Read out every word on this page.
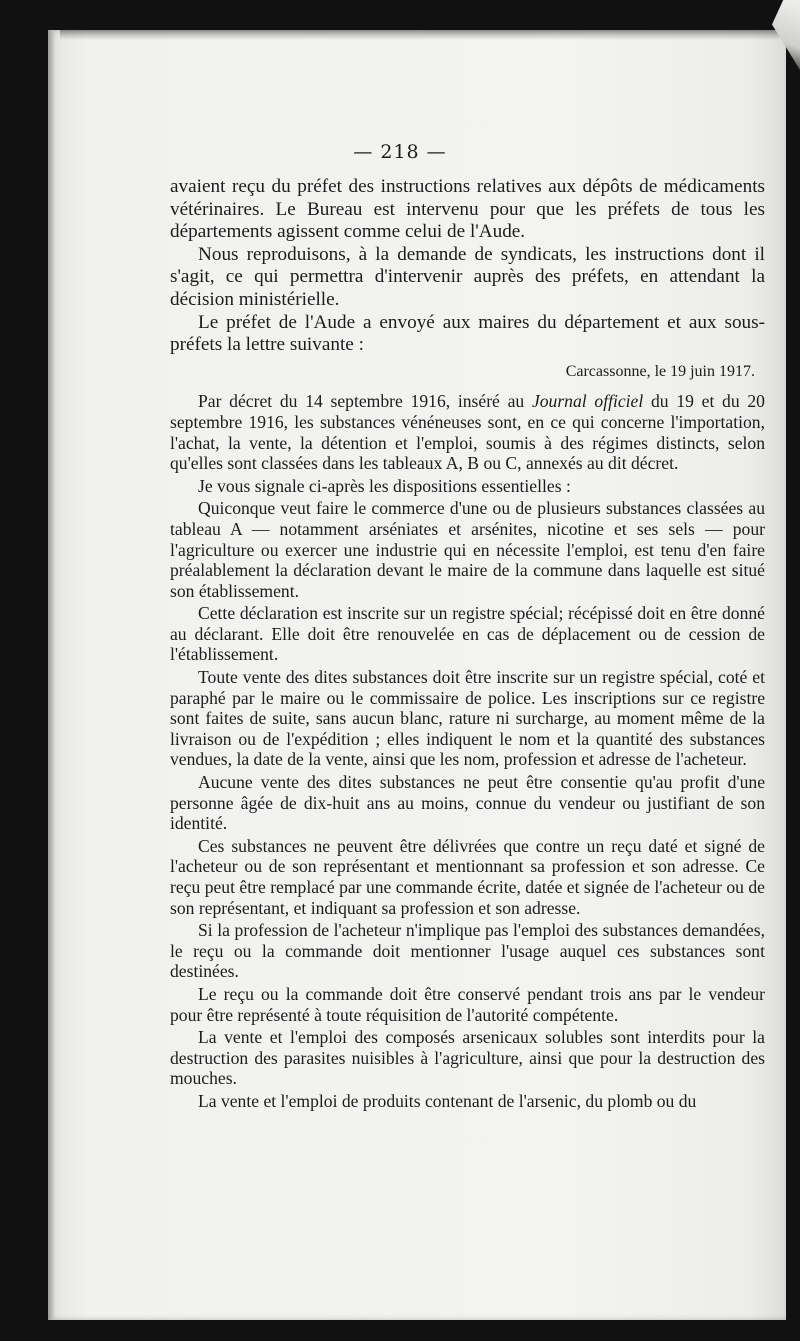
— 218 —

avaient reçu du préfet des instructions relatives aux dépôts de médicaments vétérinaires. Le Bureau est intervenu pour que les préfets de tous les départements agissent comme celui de l'Aude.

Nous reproduisons, à la demande de syndicats, les instructions dont il s'agit, ce qui permettra d'intervenir auprès des préfets, en attendant la décision ministérielle.

Le préfet de l'Aude a envoyé aux maires du département et aux sous-préfets la lettre suivante :

Carcassonne, le 19 juin 1917.

Par décret du 14 septembre 1916, inséré au Journal officiel du 19 et du 20 septembre 1916, les substances vénéneuses sont, en ce qui concerne l'importation, l'achat, la vente, la détention et l'emploi, soumis à des régimes distincts, selon qu'elles sont classées dans les tableaux A, B ou C, annexés au dit décret.

Je vous signale ci-après les dispositions essentielles :

Quiconque veut faire le commerce d'une ou de plusieurs substances classées au tableau A — notamment arséniates et arsénites, nicotine et ses sels — pour l'agriculture ou exercer une industrie qui en nécessite l'emploi, est tenu d'en faire préalablement la déclaration devant le maire de la commune dans laquelle est situé son établissement.

Cette déclaration est inscrite sur un registre spécial; récépissé doit en être donné au déclarant. Elle doit être renouvelée en cas de déplacement ou de cession de l'établissement.

Toute vente des dites substances doit être inscrite sur un registre spécial, coté et paraphé par le maire ou le commissaire de police. Les inscriptions sur ce registre sont faites de suite, sans aucun blanc, rature ni surcharge, au moment même de la livraison ou de l'expédition ; elles indiquent le nom et la quantité des substances vendues, la date de la vente, ainsi que les nom, profession et adresse de l'acheteur.

Aucune vente des dites substances ne peut être consentie qu'au profit d'une personne âgée de dix-huit ans au moins, connue du vendeur ou justifiant de son identité.

Ces substances ne peuvent être délivrées que contre un reçu daté et signé de l'acheteur ou de son représentant et mentionnant sa profession et son adresse. Ce reçu peut être remplacé par une commande écrite, datée et signée de l'acheteur ou de son représentant, et indiquant sa profession et son adresse.

Si la profession de l'acheteur n'implique pas l'emploi des substances demandées, le reçu ou la commande doit mentionner l'usage auquel ces substances sont destinées.

Le reçu ou la commande doit être conservé pendant trois ans par le vendeur pour être représenté à toute réquisition de l'autorité compétente.

La vente et l'emploi des composés arsenicaux solubles sont interdits pour la destruction des parasites nuisibles à l'agriculture, ainsi que pour la destruction des mouches.

La vente et l'emploi de produits contenant de l'arsenic, du plomb ou du
